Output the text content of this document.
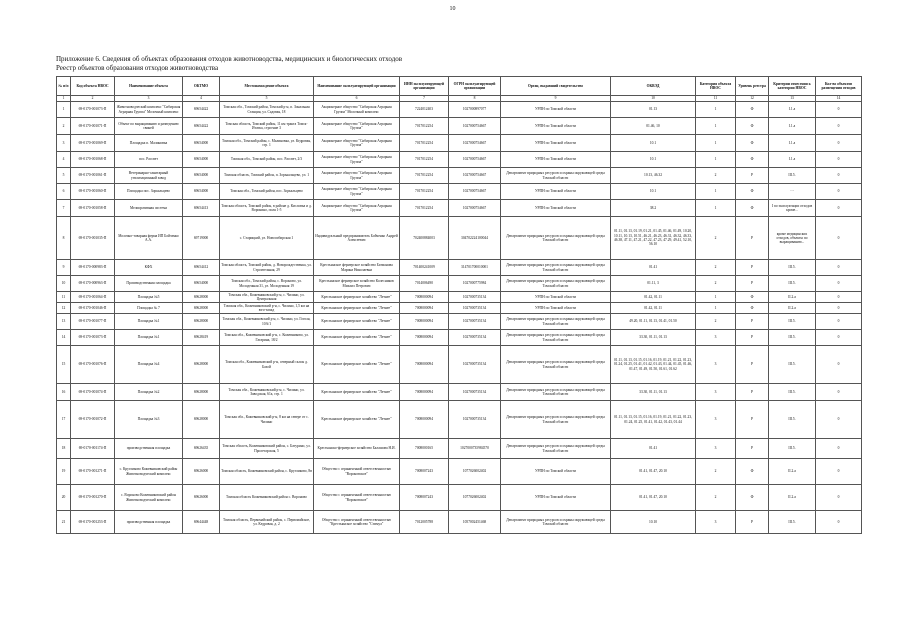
10
Приложение 6. Сведения об объектах образования отходов животноводства, медицинских и биологических отходов
Реестр объектов образования отходов животноводства
№ п/п	Код объекта НВОС	Наименование объекта	ОКТМО	Местонахождение объекта	Наименование эксплуатирующей организации	ИНН эксплуатирующей организации	ОГРН эксплуатирующей организации	Орган, выдавший свидетельство	ОКВЭД	Категория объекта НВОС	Уровень реестра	Критерии отнесения к категории НВОС	Кол-во объектов размещения отходов
1	2	3	4	5	6	7	8	9	10	11	12	13	14
1	69-0170-001073-П	Животноводческий комплекс "Сибирская Аграрная Группа" Молочный комплекс	69654422	Томская обл., Томский район, Томский р-н, п. Зональная Станция, ул. Садовая, 18	Акционерное общество "Сибирская Аграрная Группа" Молочный комплекс	7224012403	1027000897077	УРПН по Томской области	01.13	1	Ф	I.1.а	0
2	69-0170-001071-П	Объект по выращиванию и разведению свиней	69654422	Томская область, Томский район, 11 км тракта Томск-Итатка, строение 3	Акционерное общество "Сибирская Аграрная Группа"	7017012254	1027000754667	УРПН по Томской области	01.46, 10	1	Ф	I.1.а	0
3	69-0170-001069-П	Площадка п. Малиновка	69654000	Томская обл., Томский район, с. Малиновка, ул. Кедровая, стр. 1	Акционерное общество "Сибирская Аграрная Группа"	7017012254	1027000754667	УРПН по Томской области	10.1	1	Ф	I.1.а	0
4	69-0170-001068-П	пос. Рассвет	69654000	Томская обл., Томский район, пос. Рассвет, 2/3	Акционерное общество "Сибирская Аграрная Группа"	7017012254	1027000754667	УРПН по Томской области	10.1	1	Ф	I.1.а	0
5	69-0170-001061-П	Ветеринарно-санитарный утилизационный завод	69654000	Томская область, Томский район, п. Зорькальцево, ул. 1	Акционерное общество "Сибирская Аграрная Группа"	7017012254	1027000754667	Департамент природных ресурсов и охраны окружающей среды Томской области	10.13, 46.32	2	Р	III.5.	0
6	69-0170-001060-П	Площадка пос. Зоркальцево	69654000	Томская обл., Томский район, пос. Зоркальцево	Акционерное общество "Сибирская Аграрная Группа"	7017012254	1027000754667	УРПН по Томской области	10.1	1	Ф	- -	0
7	69-0170-001058-П	Мелиоративная система	69654413	Томская область, Томский район, в районе д. Кисловка и д. Воронино, поля 1-5	Акционерное общество "Сибирская Аграрная Группа"	7017012254	1027000754667	УРПН по Томской области	38.2	1	Ф	I по эксплуатации отходов кроме...	0
8	69-0170-001035-П	Молочно-товарная ферма ИП Бойченко А.А.	69719000	с. Старицкий, ул. Новосибирская 1	Индивидуальный предприниматель Бойченко Андрей Алексеевич	702400884003	304702224100044	Департамент природных ресурсов и охраны окружающей среды Томской области	01.11, 01.13, 01.19, 01.21, 01.45, 01.46, 01.49, 10.20, 10.11, 10.13, 10.51, 46.21, 46.23, 46.31, 46.32, 46.33, 46.38, 47.11, 47.21, 47.22, 47.23, 47.29, 49.41, 52.10, 56.10	2	Р	кроме медицинских отходов, объекты по выращиванию...	0
9	69-0170-000983-П	КФХ	69654412	Томская область, Томский район, д. Новорождественка, ул. Строительная, 29	Крестьянское фермерское хозяйство Батманова Марина Николаевна	701400241009	314701700010001	Департамент природных ресурсов и охраны окружающей среды Томской области	01.41	2	Р	III.5.	0
10	69-0170-000963-П	Производственная площадка	69654000	Томская обл., Томский район, с. Вороново, ул. Молодежная 31, ул. Молодежная 19	Крестьянское фермерское хозяйство Колесников Михаил Петрович	7014006490	1027000775984	Департамент природных ресурсов и охраны окружающей среды Томской области	01.11, 3	2	Р	III.5.	0
11	69-0170-001064-П	Площадка №5	69628000	Томская обл., Кожевниковский р-н, с. Чилино, ул. Центральная	Крестьянское фермерское хозяйство "Летнее"	7008000094	1027000735134	УРПН по Томской области	01.42, 01.11	1	Ф	II.2.а	0
12	69-0170-001046-П	Площадка № 7	69628000	Томская обл., Кожевниковский р-н, с. Чилино, 1,5 км на юго-запад	Крестьянское фермерское хозяйство "Летнее"	7008000094	1027000735134	УРПН по Томской области	01.42, 01.11	1	Ф	II.2.а	0
13	69-0170-001077-П	Площадка №1	69628000	Томская обл., Кожевниковский р-н, с. Чилино, ул. Гоголя, 10А/1	Крестьянское фермерское хозяйство "Летнее"	7008000094	1027000735134	Департамент природных ресурсов и охраны окружающей среды Томской области	49.20, 01.11, 01.13, 01.41, 01.50	2	Р	III.5.	0
14	69-0170-001073-П	Площадка №1	69628419	Томская обл., Кожевниковский р-н, с. Кожевниково, ул. Гагарина, 18/2	Крестьянское фермерское хозяйство "Летнее"	7008000094	1027000735134	Департамент природных ресурсов и охраны окружающей среды Томской области	33.30, 01.11, 01.13	3	Р	III.5.	0
15	69-0170-001076-П	Площадка №4	69628000	Томская обл., Кожевниковский р-н, северный склон д. Базой	Крестьянское фермерское хозяйство "Летнее"	7008000094	1027000735134	Департамент природных ресурсов и охраны окружающей среды Томской области	01.11, 01.13, 01.15, 01.16, 01.19, 01.21, 01.22, 01.23, 01.24, 01.25, 01.41, 01.42, 01.43, 01.44, 01.45, 01.46, 01.47, 01.49, 01.50, 01.61, 01.62	3	Р	III.5.	0
16	69-0170-001074-П	Площадка №2	69628000	Томская обл., Кожевниковский р-н, с. Чилино, ул. Заводская, 61а, стр. 1	Крестьянское фермерское хозяйство "Летнее"	7008000094	1027000735134	Департамент природных ресурсов и охраны окружающей среды Томской области	33.30, 01.11, 01.13	3	Р	III.5.	0
17	69-0170-001072-П	Площадка №3	69628000	Томская обл., Кожевниковский р-н, 8 км на севере от с. Чилино	Крестьянское фермерское хозяйство "Летнее"	7008000094	1027000735134	Департамент природных ресурсов и охраны окружающей среды Томской области	01.11, 01.13, 01.15, 01.16, 01.19, 01.21, 01.22, 01.23, 01.24, 01.25, 01.41, 01.42, 01.43, 01.44	3	Р	III.5.	0
18	69-0170-001174-П	производственная площадка	69626435	Томская область, Кожевниковский район, с. Батурино, ул. Пролетарская, 5	Крестьянско-фермерское хозяйство Балашова Н.И.	7008000165	1027000735984570	Департамент природных ресурсов и охраны окружающей среды Томской области	01.41	3	Р	III.5.	0
19	69-0170-001271-П	с. Кругликово Кожевниковский район Животноводческий комплекс	69626000	Томская область, Кожевниковский район, с. Кругликово, 8в	Общество с ограниченной ответственностью "Вороновское"	7008007243	1077026002402	УРПН по Томской области	01.41, 01.47, 20.10	2	Ф	II.2.а	0
20	69-0170-001270-П	с. Вороново Кожевниковский район Животноводческий комплекс	69626000	Томская область Кожевниковский район с. Вороново	Общество с ограниченной ответственностью "Вороновское"	7008007243	1077026002402	УРПН по Томской области	01.41, 01.47, 20.10	2	Ф	II.2.а	0
21	69-0170-001253-П	производственная площадка	69644448	Томская область, Первомайский район, с. Первомайское, ул. Кедровая, д. 2	Общество с ограниченной ответственностью "Крестьянское хозяйство "Стимул"	7012005788	1057002451468	Департамент природных ресурсов и охраны окружающей среды Томской области	10.10	3	Р	III.5.	0
